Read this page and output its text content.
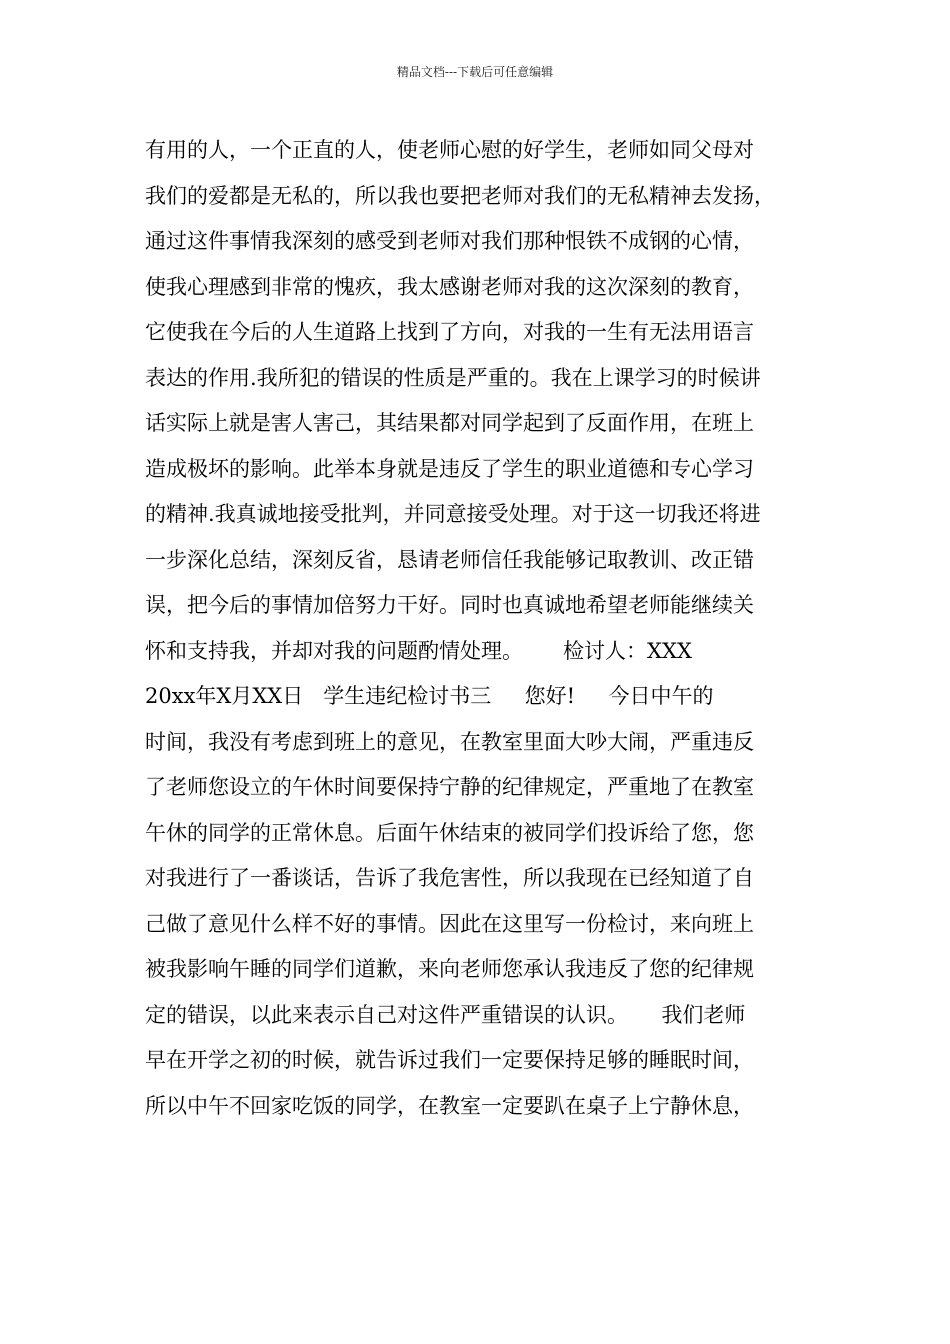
精品文档---下载后可任意编辑
有用的人，一个正直的人，使老师心慰的好学生，老师如同父母对
我们的爱都是无私的，所以我也要把老师对我们的无私精神去发扬，
通过这件事情我深刻的感受到老师对我们那种恨铁不成钢的心情，
使我心理感到非常的愧疚，我太感谢老师对我的这次深刻的教育，
它使我在今后的人生道路上找到了方向，对我的一生有无法用语言
表达的作用.我所犯的错误的性质是严重的。我在上课学习的时候讲
话实际上就是害人害己，其结果都对同学起到了反面作用，在班上
造成极坏的影响。此举本身就是违反了学生的职业道德和专心学习
的精神.我真诚地接受批判，并同意接受处理。对于这一切我还将进
一步深化总结，深刻反省，恳请老师信任我能够记取教训、改正错
误，把今后的事情加倍努力干好。同时也真诚地希望老师能继续关
怀和支持我，并却对我的问题酌情处理。      检讨人：XXX
20xx年X月XX日   学生违纪检讨书三     您好!     今日中午的
时间，我没有考虑到班上的意见，在教室里面大吵大闹，严重违反
了老师您设立的午休时间要保持宁静的纪律规定，严重地了在教室
午休的同学的正常休息。后面午休结束的被同学们投诉给了您，您
对我进行了一番谈话，告诉了我危害性，所以我现在已经知道了自
己做了意见什么样不好的事情。因此在这里写一份检讨，来向班上
被我影响午睡的同学们道歉，来向老师您承认我违反了您的纪律规
定的错误，以此来表示自己对这件严重错误的认识。     我们老师
早在开学之初的时候，就告诉过我们一定要保持足够的睡眠时间，
所以中午不回家吃饭的同学，在教室一定要趴在桌子上宁静休息，
